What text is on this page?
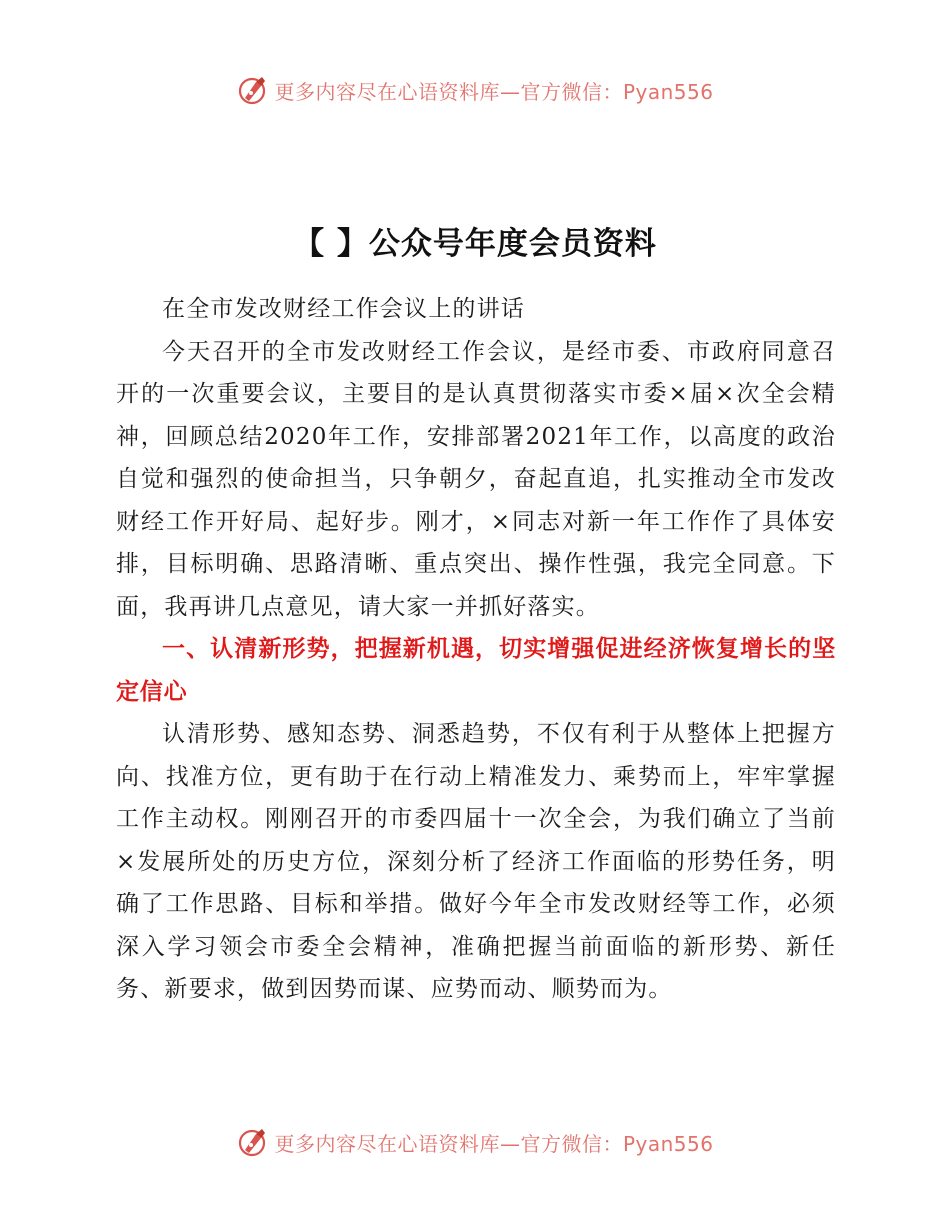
更多内容尽在心语资料库—官方微信：Pyan556
【 】公众号年度会员资料

在全市发改财经工作会议上的讲话

今天召开的全市发改财经工作会议，是经市委、市政府同意召开的一次重要会议，主要目的是认真贯彻落实市委×届×次全会精神，回顾总结2020年工作，安排部署2021年工作，以高度的政治自觉和强烈的使命担当，只争朝夕，奋起直追，扎实推动全市发改财经工作开好局、起好步。刚才，×同志对新一年工作作了具体安排，目标明确、思路清晰、重点突出、操作性强，我完全同意。下面，我再讲几点意见，请大家一并抓好落实。

一、认清新形势，把握新机遇，切实增强促进经济恢复增长的坚定信心

认清形势、感知态势、洞悉趋势，不仅有利于从整体上把握方向、找准方位，更有助于在行动上精准发力、乘势而上，牢牢掌握工作主动权。刚刚召开的市委四届十一次全会，为我们确立了当前×发展所处的历史方位，深刻分析了经济工作面临的形势任务，明确了工作思路、目标和举措。做好今年全市发改财经等工作，必须深入学习领会市委全会精神，准确把握当前面临的新形势、新任务、新要求，做到因势而谋、应势而动、顺势而为。

更多内容尽在心语资料库—官方微信：Pyan556
